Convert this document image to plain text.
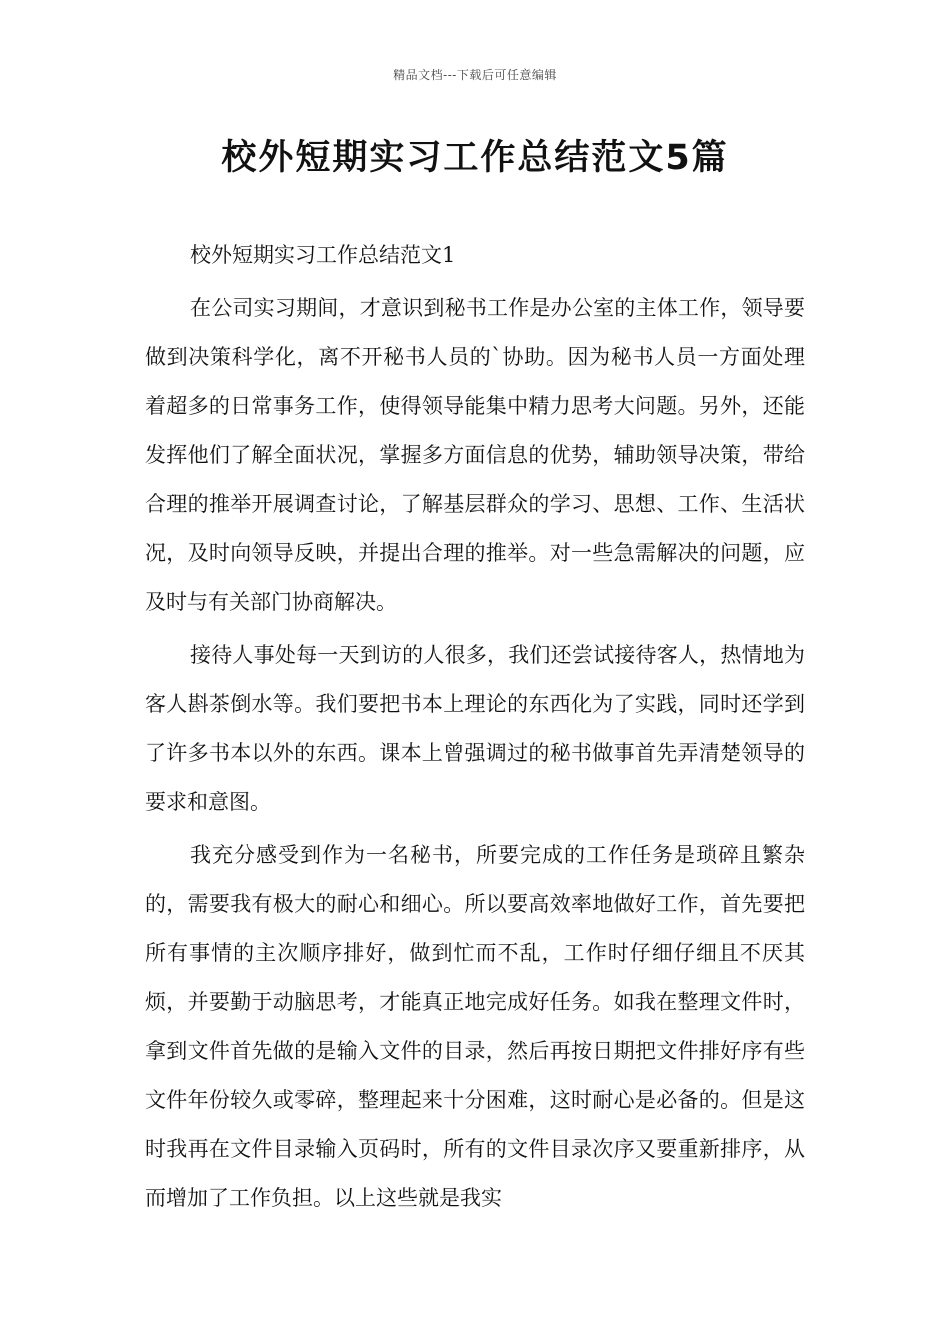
精品文档---下载后可任意编辑
校外短期实习工作总结范文5篇

校外短期实习工作总结范文1

在公司实习期间，才意识到秘书工作是办公室的主体工作，领导要做到决策科学化，离不开秘书人员的`协助。因为秘书人员一方面处理着超多的日常事务工作，使得领导能集中精力思考大问题。另外，还能发挥他们了解全面状况，掌握多方面信息的优势，辅助领导决策，带给合理的推举开展调查讨论，了解基层群众的学习、思想、工作、生活状况，及时向领导反映，并提出合理的推举。对一些急需解决的问题，应及时与有关部门协商解决。

接待人事处每一天到访的人很多，我们还尝试接待客人，热情地为客人斟茶倒水等。我们要把书本上理论的东西化为了实践，同时还学到了许多书本以外的东西。课本上曾强调过的秘书做事首先弄清楚领导的要求和意图。

我充分感受到作为一名秘书，所要完成的工作任务是琐碎且繁杂的，需要我有极大的耐心和细心。所以要高效率地做好工作，首先要把所有事情的主次顺序排好，做到忙而不乱，工作时仔细仔细且不厌其烦，并要勤于动脑思考，才能真正地完成好任务。如我在整理文件时，拿到文件首先做的是输入文件的目录，然后再按日期把文件排好序有些文件年份较久或零碎，整理起来十分困难，这时耐心是必备的。但是这时我再在文件目录输入页码时，所有的文件目录次序又要重新排序，从而增加了工作负担。以上这些就是我实
